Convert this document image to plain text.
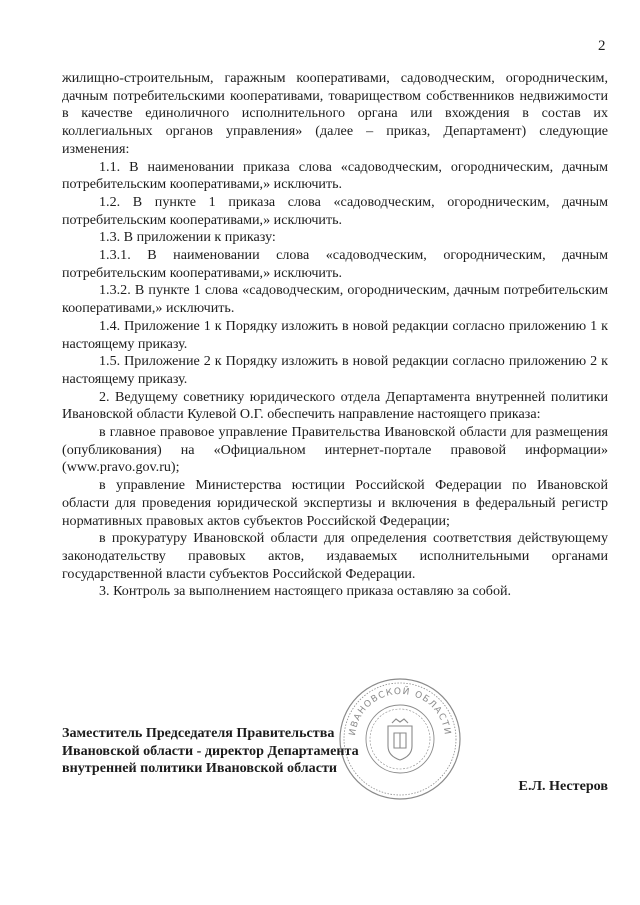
2

жилищно-строительным, гаражным кооперативами, садоводческим, огородническим, дачным потребительскими кооперативами, товариществом собственников недвижимости в качестве единоличного исполнительного органа или вхождения в состав их коллегиальных органов управления» (далее – приказ, Департамент) следующие изменения:

1.1. В наименовании приказа слова «садоводческим, огородническим, дачным потребительским кооперативами,» исключить.

1.2. В пункте 1 приказа слова «садоводческим, огородническим, дачным потребительским кооперативами,» исключить.

1.3. В приложении к приказу:

1.3.1. В наименовании слова «садоводческим, огородническим, дачным потребительским кооперативами,» исключить.

1.3.2. В пункте 1 слова «садоводческим, огородническим, дачным потребительским кооперативами,» исключить.

1.4. Приложение 1 к Порядку изложить в новой редакции согласно приложению 1 к настоящему приказу.

1.5. Приложение 2 к Порядку изложить в новой редакции согласно приложению 2 к настоящему приказу.

2. Ведущему советнику юридического отдела Департамента внутренней политики Ивановской области Кулевой О.Г. обеспечить направление настоящего приказа:

в главное правовое управление Правительства Ивановской области для размещения (опубликования) на «Официальном интернет-портале правовой информации» (www.pravo.gov.ru);

в управление Министерства юстиции Российской Федерации по Ивановской области для проведения юридической экспертизы и включения в федеральный регистр нормативных правовых актов субъектов Российской Федерации;

в прокуратуру Ивановской области для определения соответствия действующему законодательству правовых актов, издаваемых исполнительными органами государственной власти субъектов Российской Федерации.

3. Контроль за выполнением настоящего приказа оставляю за собой.

ИВАНОВСКОЙ ОБЛАСТИ
Заместитель Председателя Правительства Ивановской области - директор Департамента внутренней политики Ивановской области
Е.Л. Нестеров
